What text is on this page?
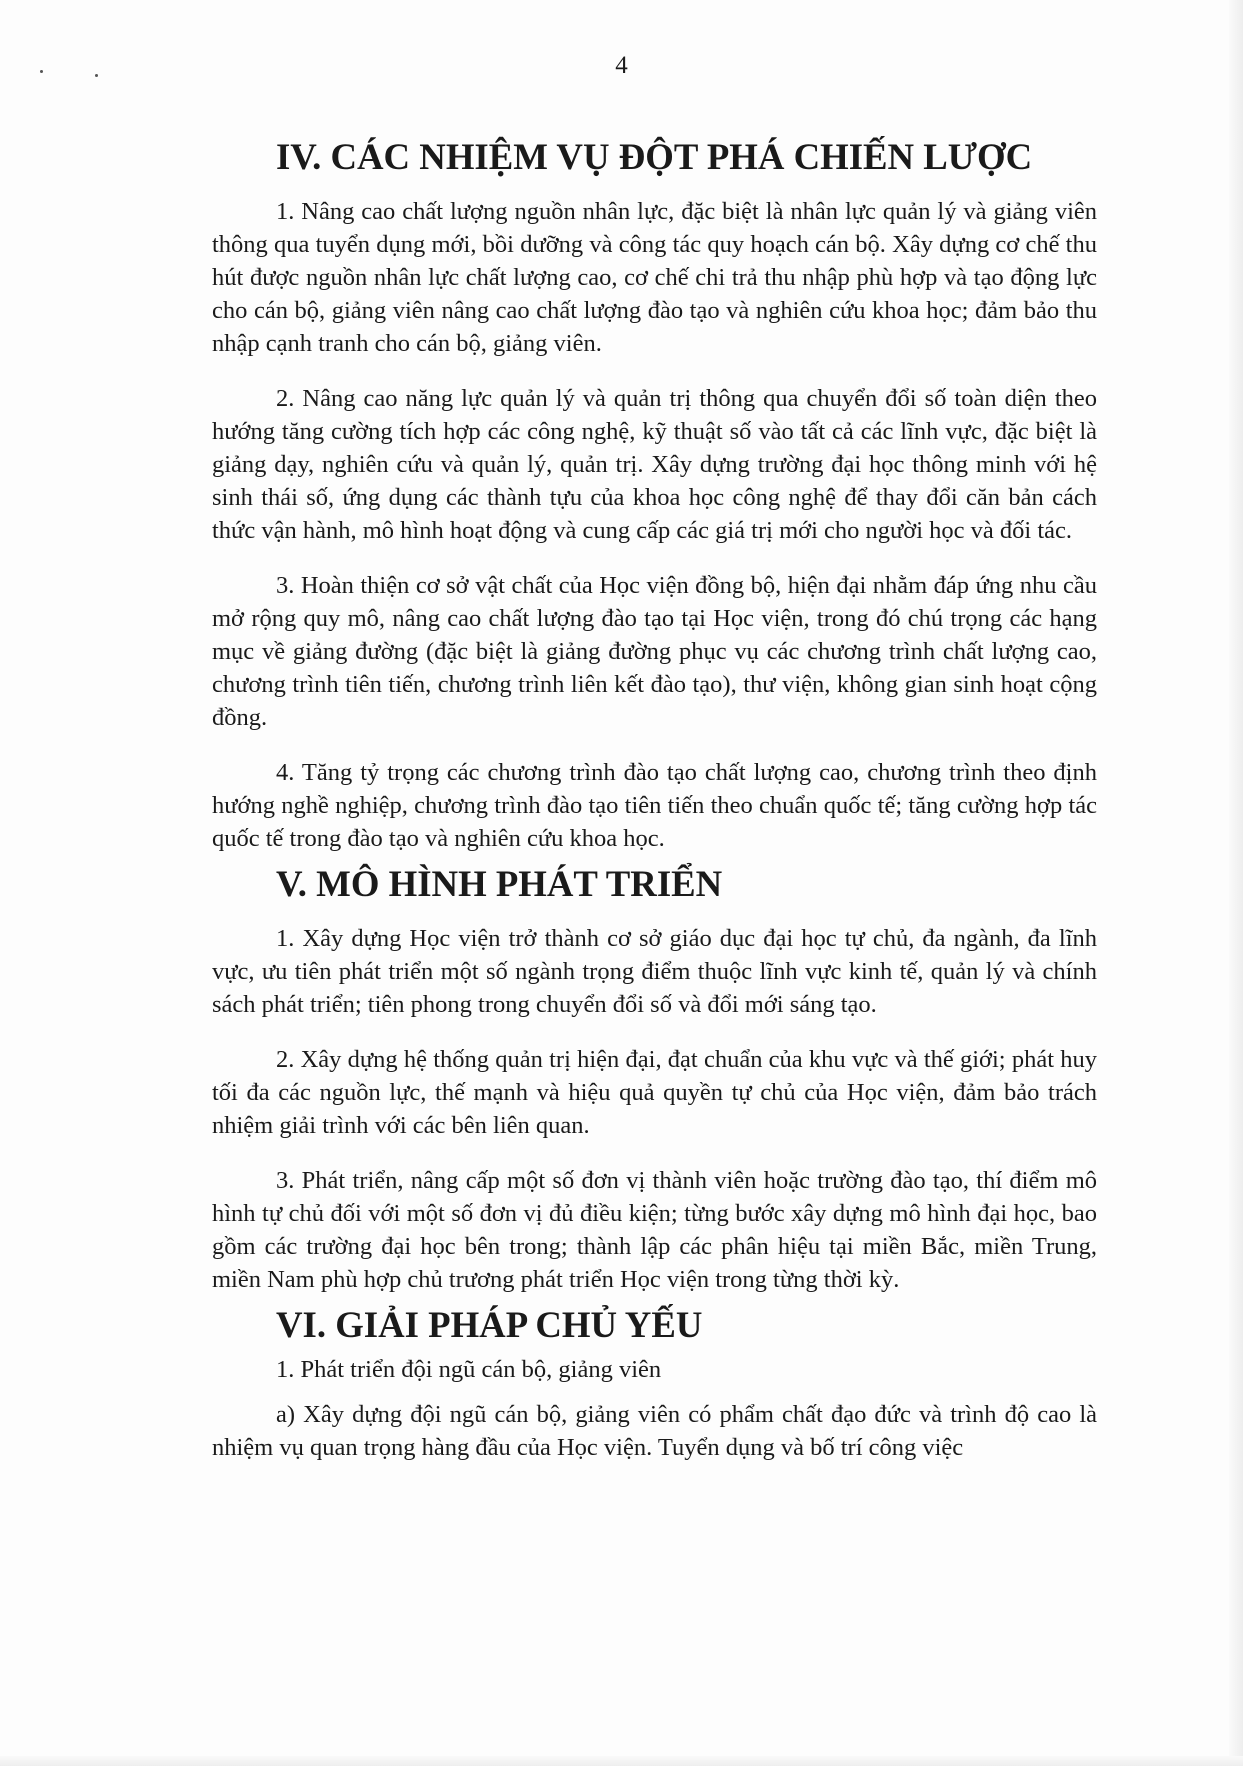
4
IV. CÁC NHIỆM VỤ ĐỘT PHÁ CHIẾN LƯỢC

1. Nâng cao chất lượng nguồn nhân lực, đặc biệt là nhân lực quản lý và giảng viên thông qua tuyển dụng mới, bồi dưỡng và công tác quy hoạch cán bộ. Xây dựng cơ chế thu hút được nguồn nhân lực chất lượng cao, cơ chế chi trả thu nhập phù hợp và tạo động lực cho cán bộ, giảng viên nâng cao chất lượng đào tạo và nghiên cứu khoa học; đảm bảo thu nhập cạnh tranh cho cán bộ, giảng viên.

2. Nâng cao năng lực quản lý và quản trị thông qua chuyển đổi số toàn diện theo hướng tăng cường tích hợp các công nghệ, kỹ thuật số vào tất cả các lĩnh vực, đặc biệt là giảng dạy, nghiên cứu và quản lý, quản trị. Xây dựng trường đại học thông minh với hệ sinh thái số, ứng dụng các thành tựu của khoa học công nghệ để thay đổi căn bản cách thức vận hành, mô hình hoạt động và cung cấp các giá trị mới cho người học và đối tác.

3. Hoàn thiện cơ sở vật chất của Học viện đồng bộ, hiện đại nhằm đáp ứng nhu cầu mở rộng quy mô, nâng cao chất lượng đào tạo tại Học viện, trong đó chú trọng các hạng mục về giảng đường (đặc biệt là giảng đường phục vụ các chương trình chất lượng cao, chương trình tiên tiến, chương trình liên kết đào tạo), thư viện, không gian sinh hoạt cộng đồng.

4. Tăng tỷ trọng các chương trình đào tạo chất lượng cao, chương trình theo định hướng nghề nghiệp, chương trình đào tạo tiên tiến theo chuẩn quốc tế; tăng cường hợp tác quốc tế trong đào tạo và nghiên cứu khoa học.

V. MÔ HÌNH PHÁT TRIỂN

1. Xây dựng Học viện trở thành cơ sở giáo dục đại học tự chủ, đa ngành, đa lĩnh vực, ưu tiên phát triển một số ngành trọng điểm thuộc lĩnh vực kinh tế, quản lý và chính sách phát triển; tiên phong trong chuyển đổi số và đổi mới sáng tạo.

2. Xây dựng hệ thống quản trị hiện đại, đạt chuẩn của khu vực và thế giới; phát huy tối đa các nguồn lực, thế mạnh và hiệu quả quyền tự chủ của Học viện, đảm bảo trách nhiệm giải trình với các bên liên quan.

3. Phát triển, nâng cấp một số đơn vị thành viên hoặc trường đào tạo, thí điểm mô hình tự chủ đối với một số đơn vị đủ điều kiện; từng bước xây dựng mô hình đại học, bao gồm các trường đại học bên trong; thành lập các phân hiệu tại miền Bắc, miền Trung, miền Nam phù hợp chủ trương phát triển Học viện trong từng thời kỳ.

VI. GIẢI PHÁP CHỦ YẾU

1. Phát triển đội ngũ cán bộ, giảng viên

a) Xây dựng đội ngũ cán bộ, giảng viên có phẩm chất đạo đức và trình độ cao là nhiệm vụ quan trọng hàng đầu của Học viện. Tuyển dụng và bố trí công việc
